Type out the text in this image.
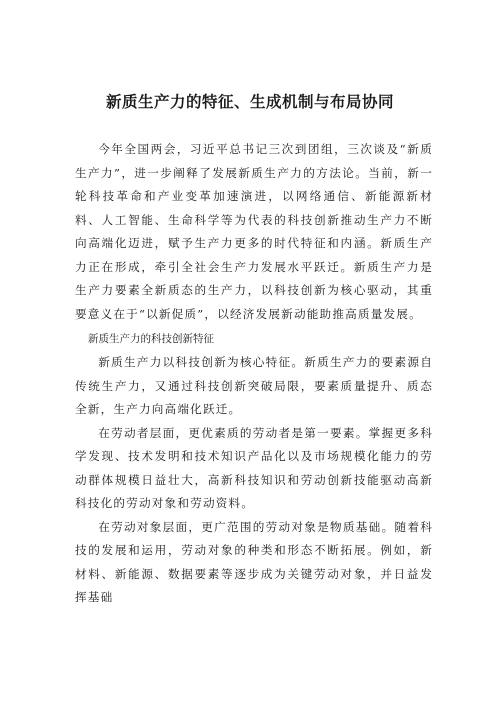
新质生产力的特征、生成机制与布局协同

今年全国两会，习近平总书记三次到团组，三次谈及“新质生产力”，进一步阐释了发展新质生产力的方法论。当前，新一轮科技革命和产业变革加速演进，以网络通信、新能源新材料、人工智能、生命科学等为代表的科技创新推动生产力不断向高端化迈进，赋予生产力更多的时代特征和内涵。新质生产力正在形成，牵引全社会生产力发展水平跃迁。新质生产力是生产力要素全新质态的生产力，以科技创新为核心驱动，其重要意义在于“以新促质”，以经济发展新动能助推高质量发展。

新质生产力的科技创新特征

新质生产力以科技创新为核心特征。新质生产力的要素源自传统生产力，又通过科技创新突破局限，要素质量提升、质态全新，生产力向高端化跃迁。

在劳动者层面，更优素质的劳动者是第一要素。掌握更多科学发现、技术发明和技术知识产品化以及市场规模化能力的劳动群体规模日益壮大，高新科技知识和劳动创新技能驱动高新科技化的劳动对象和劳动资料。

在劳动对象层面，更广范围的劳动对象是物质基础。随着科技的发展和运用，劳动对象的种类和形态不断拓展。例如，新材料、新能源、数据要素等逐步成为关键劳动对象，并日益发挥基础
